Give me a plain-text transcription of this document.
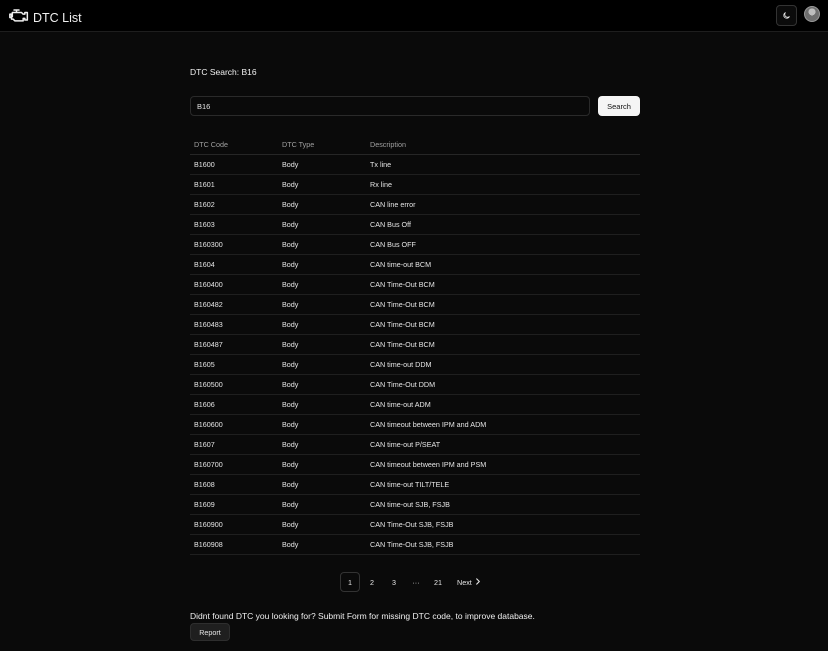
DTC List
DTC Search: B16
B16
Search
DTC Code	DTC Type	Description
B1600	Body	Tx line
B1601	Body	Rx line
B1602	Body	CAN line error
B1603	Body	CAN Bus Off
B160300	Body	CAN Bus OFF
B1604	Body	CAN time-out BCM
B160400	Body	CAN Time-Out BCM
B160482	Body	CAN Time-Out BCM
B160483	Body	CAN Time-Out BCM
B160487	Body	CAN Time-Out BCM
B1605	Body	CAN time-out DDM
B160500	Body	CAN Time-Out DDM
B1606	Body	CAN time-out ADM
B160600	Body	CAN timeout between IPM and ADM
B1607	Body	CAN time-out P/SEAT
B160700	Body	CAN timeout between IPM and PSM
B1608	Body	CAN time-out TILT/TELE
B1609	Body	CAN time-out SJB, FSJB
B160900	Body	CAN Time-Out SJB, FSJB
B160908	Body	CAN Time-Out SJB, FSJB
1	2	3	···	21	Next
Didnt found DTC you looking for? Submit Form for missing DTC code, to improve database.
Report
